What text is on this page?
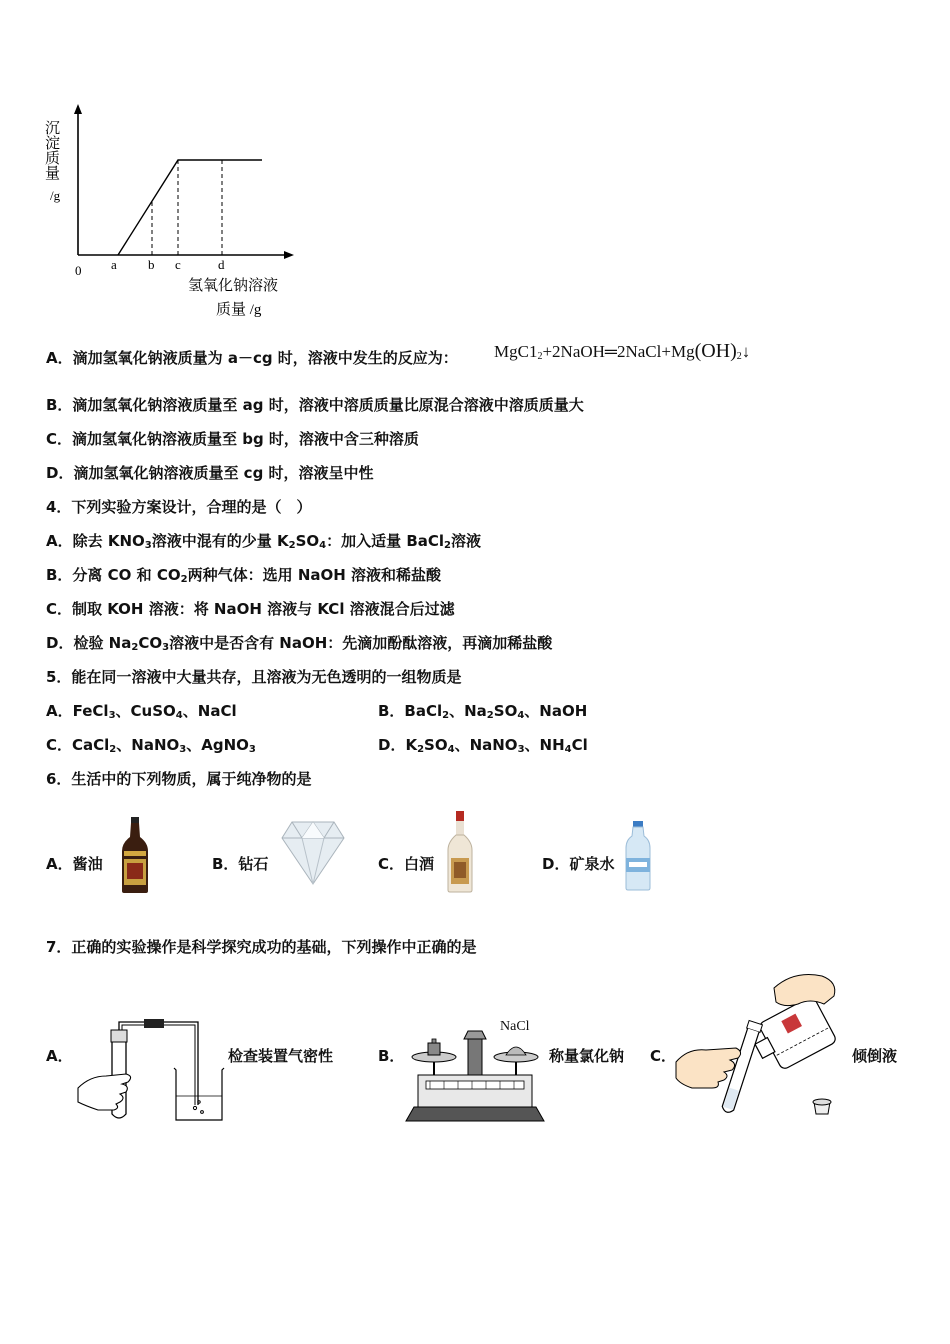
沉淀质量
/g
0 a b c	d
氢氧化钠溶液
质量 /g
A．滴加氢氧化钠液质量为 a－cg 时，溶液中发生的反应为： $MgC1_2+2NaOH═2NaCl+Mg(OH)_2↓$
B．滴加氢氧化钠溶液质量至 ag 时，溶液中溶质质量比原混合溶液中溶质质量大
C．滴加氢氧化钠溶液质量至 bg 时，溶液中含三种溶质
D．滴加氢氧化钠溶液质量至 cg 时，溶液呈中性
4．下列实验方案设计，合理的是（　）
A．除去 $KNO_3$溶液中混有的少量 $K_2SO_4$：加入适量 BaCl$_2$溶液
B．分离 CO 和 $CO_2$两种气体：选用 NaOH 溶液和稀盐酸
C．制取 KOH 溶液：将 NaOH 溶液与 KCl 溶液混合后过滤
D．检验 $Na_2CO_3$溶液中是否含有 NaOH：先滴加酚酞溶液，再滴加稀盐酸
5．能在同一溶液中大量共存，且溶液为无色透明的一组物质是
A．FeCl$_3$、CuSO$_4$、NaCl	B．BaCl$_2$、$Na_2SO_4$、NaOH
C．CaCl$_2$、NaNO$_3$、AgNO$_3$	D．$K_2SO_4$、NaNO$_3$、$NH_4Cl$
6．生活中的下列物质，属于纯净物的是
A．酱油	B．钻石	C．白酒	D．矿泉水
7．正确的实验操作是科学探究成功的基础，下列操作中正确的是
A．	检查装置气密性	B．
NaCl
称量氯化钠 C．	倾倒液
